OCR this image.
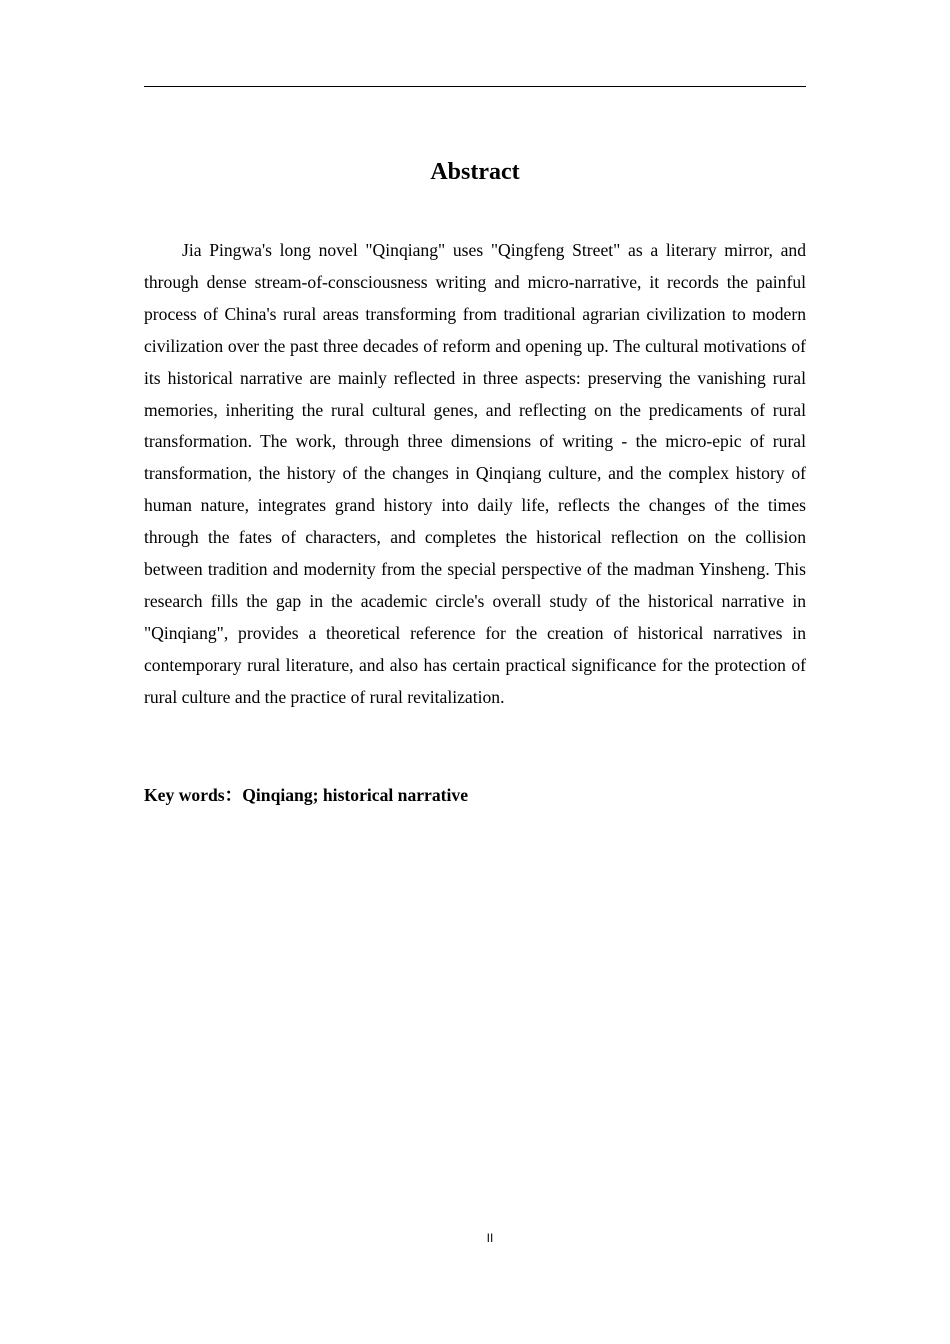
Abstract

Jia Pingwa's long novel "Qinqiang" uses "Qingfeng Street" as a literary mirror, and through dense stream-of-consciousness writing and micro-narrative, it records the painful process of China's rural areas transforming from traditional agrarian civilization to modern civilization over the past three decades of reform and opening up. The cultural motivations of its historical narrative are mainly reflected in three aspects: preserving the vanishing rural memories, inheriting the rural cultural genes, and reflecting on the predicaments of rural transformation. The work, through three dimensions of writing - the micro-epic of rural transformation, the history of the changes in Qinqiang culture, and the complex history of human nature, integrates grand history into daily life, reflects the changes of the times through the fates of characters, and completes the historical reflection on the collision between tradition and modernity from the special perspective of the madman Yinsheng. This research fills the gap in the academic circle's overall study of the historical narrative in "Qinqiang", provides a theoretical reference for the creation of historical narratives in contemporary rural literature, and also has certain practical significance for the protection of rural culture and the practice of rural revitalization.

Key words：Qinqiang; historical narrative
II
